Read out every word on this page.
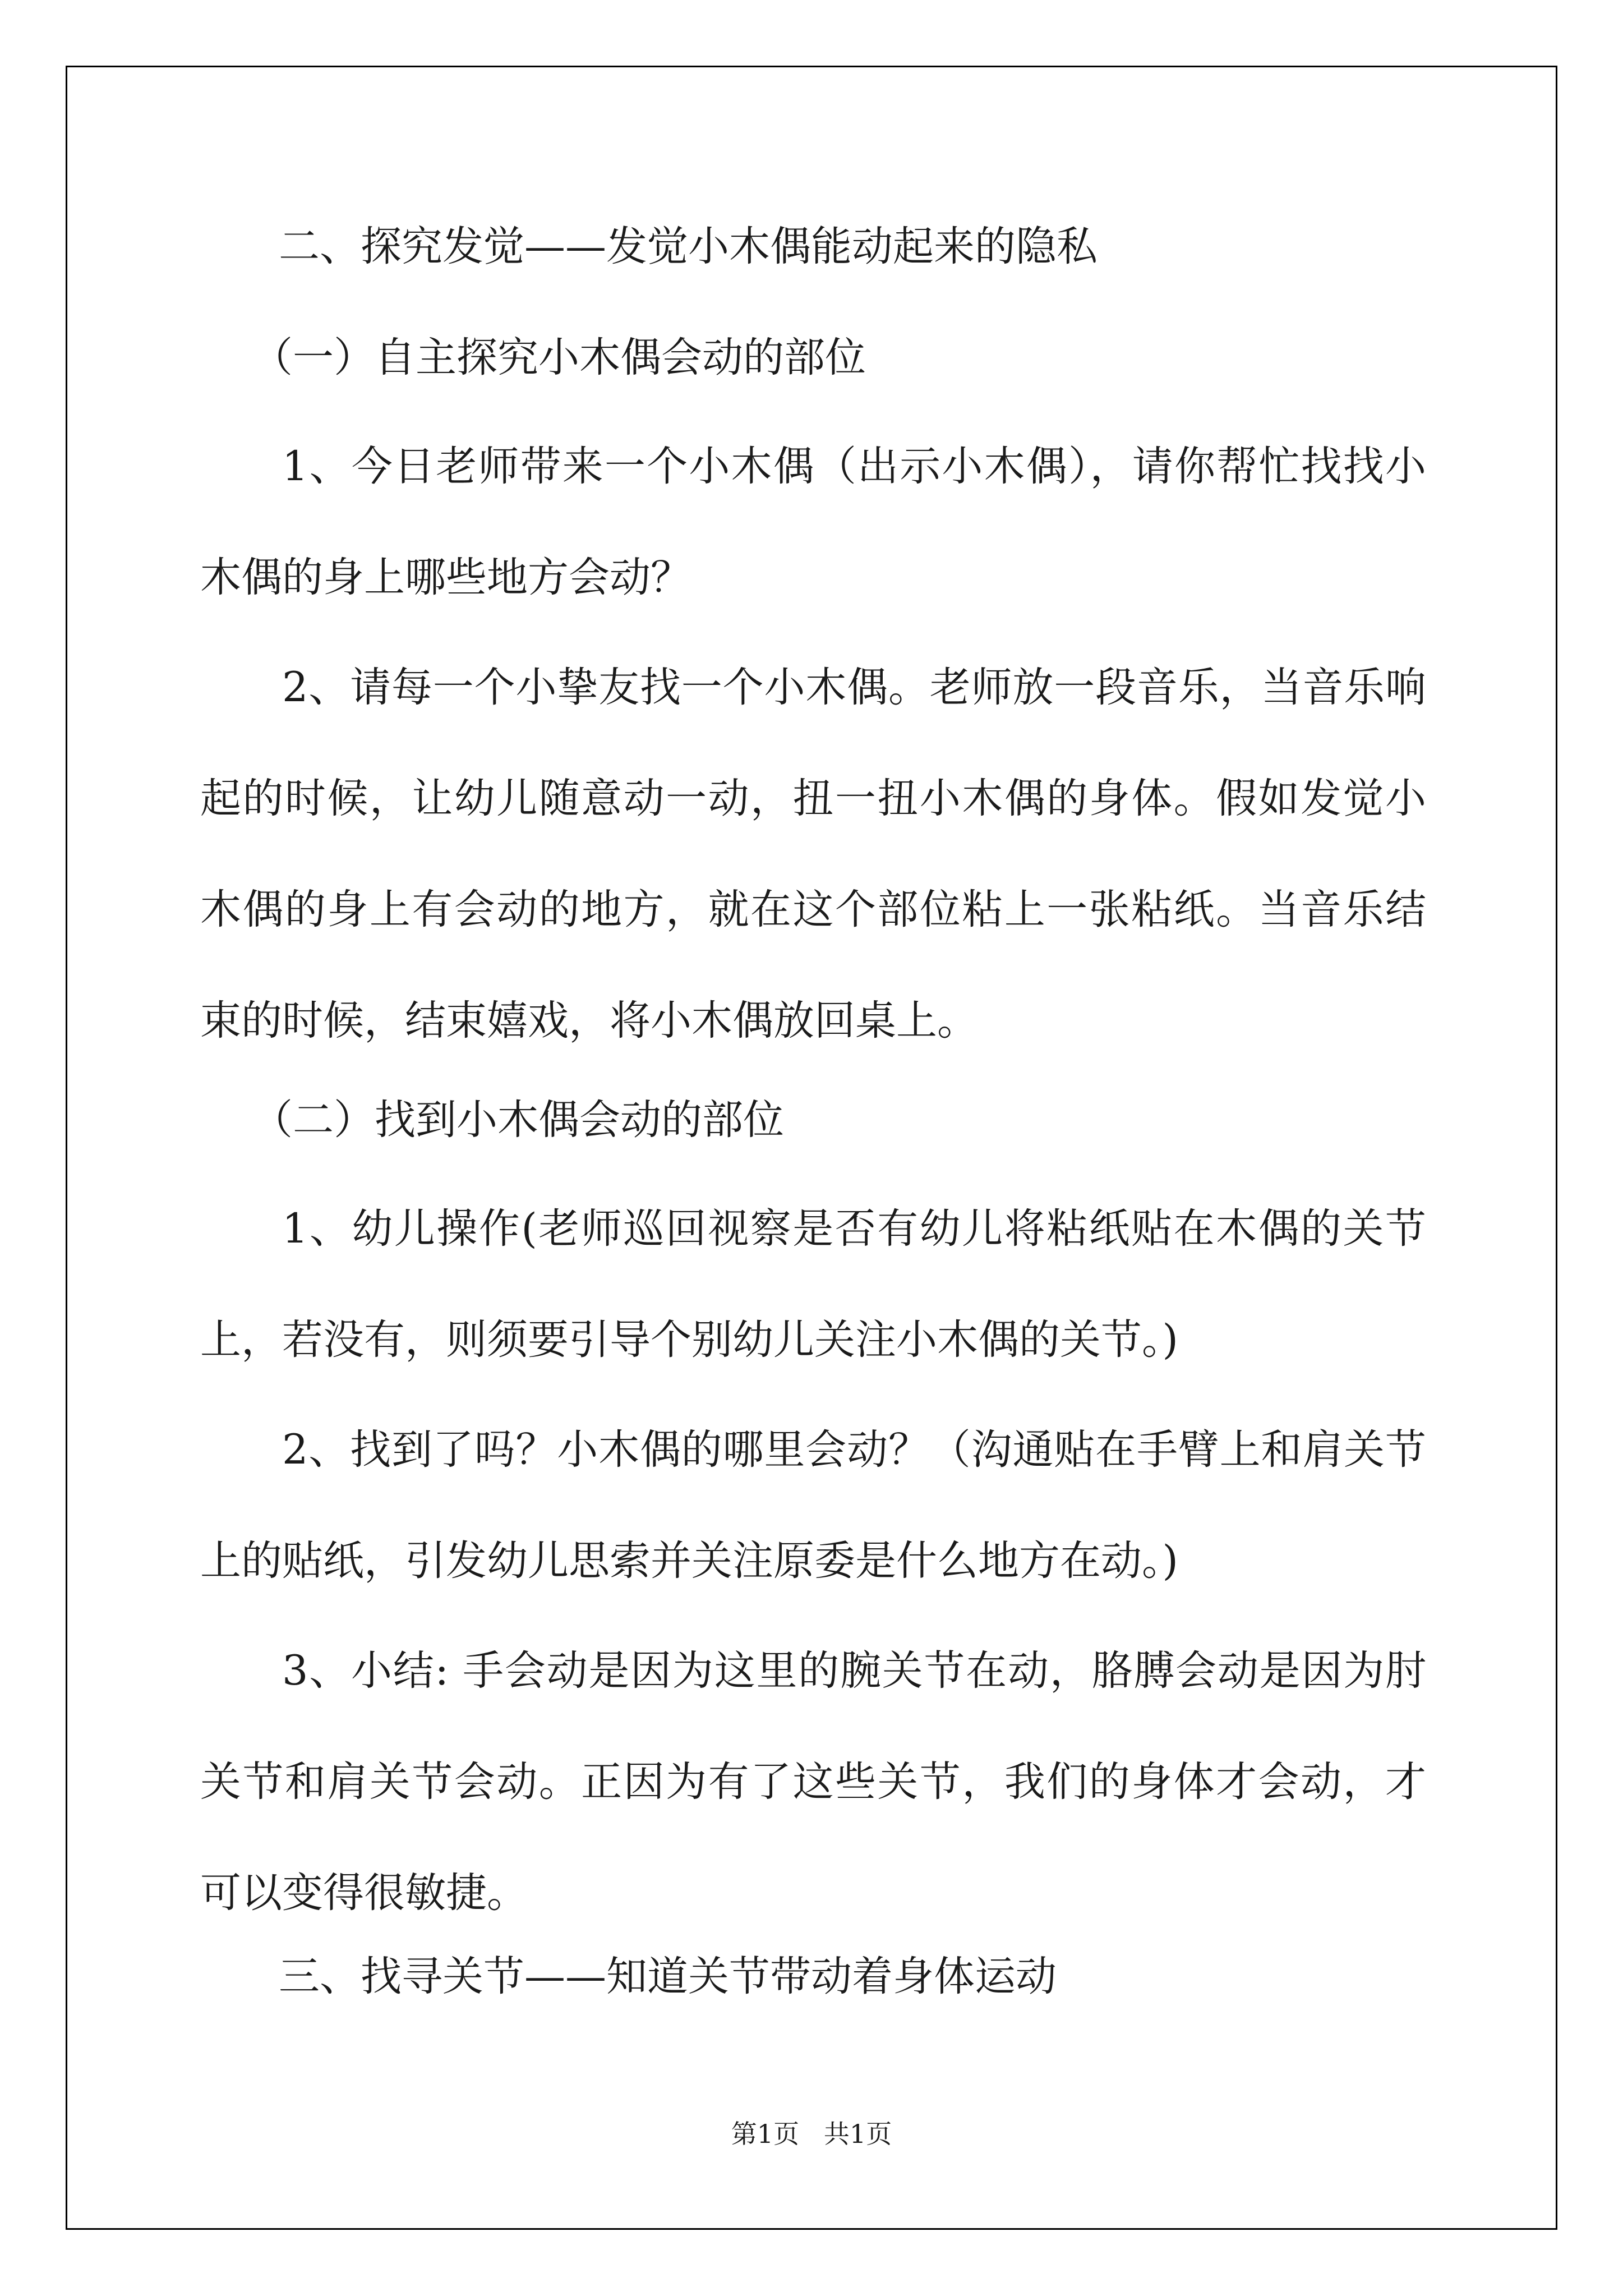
二、探究发觉——发觉小木偶能动起来的隐私
（一）自主探究小木偶会动的部位
1、今日老师带来一个小木偶（出示小木偶），请你帮忙找找小木偶的身上哪些地方会动？
2、请每一个小挚友找一个小木偶。老师放一段音乐，当音乐响起的时候，让幼儿随意动一动，扭一扭小木偶的身体。假如发觉小木偶的身上有会动的地方，就在这个部位粘上一张粘纸。当音乐结束的时候，结束嬉戏，将小木偶放回桌上。
（二）找到小木偶会动的部位
1、幼儿操作(老师巡回视察是否有幼儿将粘纸贴在木偶的关节上，若没有，则须要引导个别幼儿关注小木偶的关节。)
2、找到了吗？小木偶的哪里会动？（沟通贴在手臂上和肩关节上的贴纸，引发幼儿思索并关注原委是什么地方在动。)
3、小结: 手会动是因为这里的腕关节在动，胳膊会动是因为肘关节和肩关节会动。正因为有了这些关节，我们的身体才会动，才可以变得很敏捷。
三、找寻关节——知道关节带动着身体运动
第1页   共1页
